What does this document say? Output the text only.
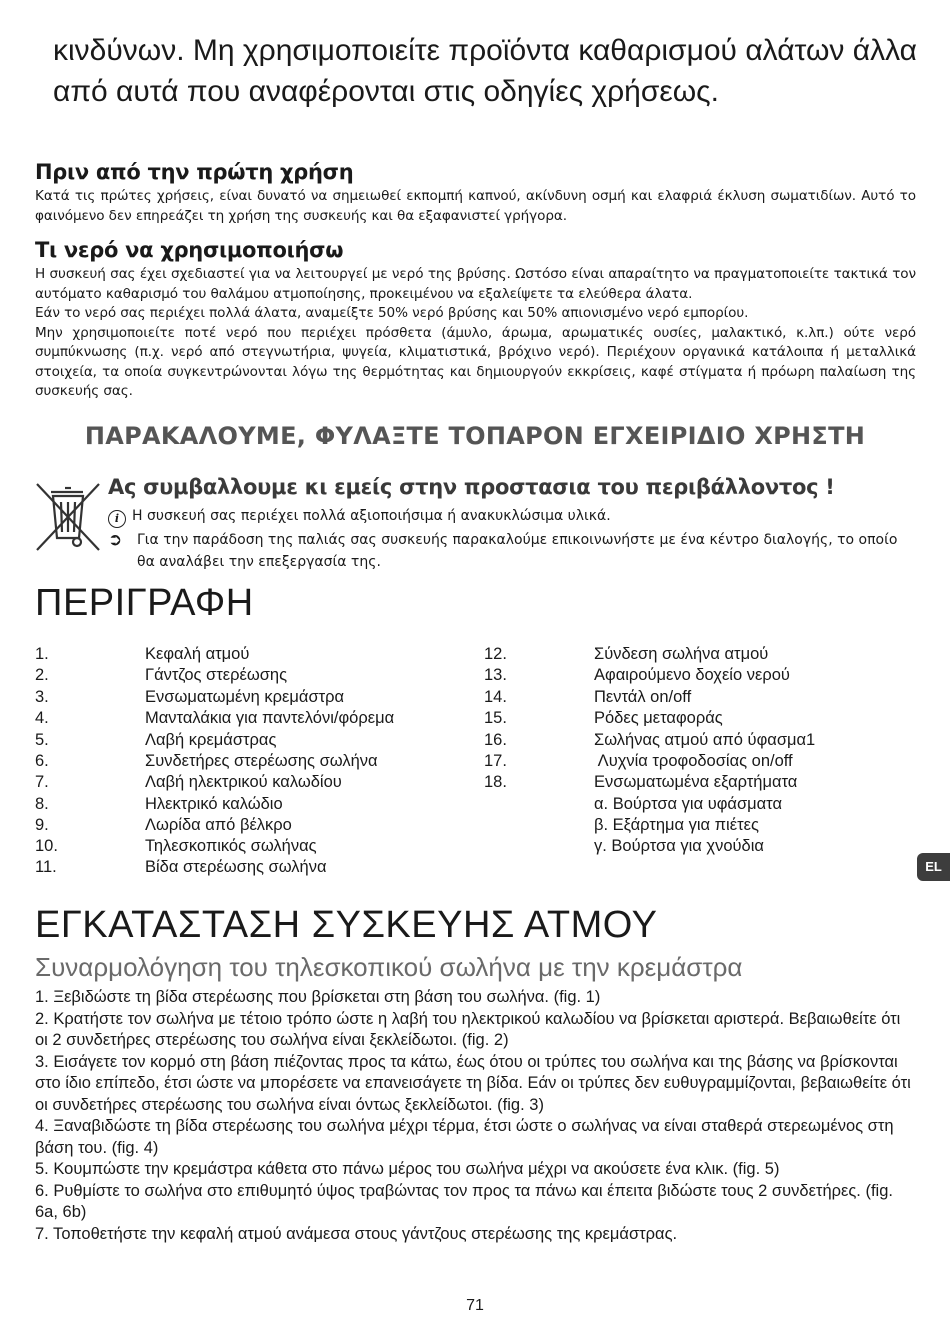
κινδύνων. Μη χρησιμοποιείτε προϊόντα καθαρισμού αλάτων άλλα από αυτά που αναφέρονται στις οδηγίες χρήσεως.

Πριν από την πρώτη χρήση

Κατά τις πρώτες χρήσεις, είναι δυνατό να σημειωθεί εκπομπή καπνού, ακίνδυνη οσμή και ελαφριά έκλυση σωματιδίων. Αυτό το φαινόμενο δεν επηρεάζει τη χρήση της συσκευής και θα εξαφανιστεί γρήγορα.

Τι νερό να χρησιμοποιήσω

Η συσκευή σας έχει σχεδιαστεί για να λειτουργεί με νερό της βρύσης. Ωστόσο είναι απαραίτητο να πραγματοποιείτε τακτικά τον αυτόματο καθαρισμό του θαλάμου ατμοποίησης, προκειμένου να εξαλείψετε τα ελεύθερα άλατα.

Εάν το νερό σας περιέχει πολλά άλατα, αναμείξτε 50% νερό βρύσης και 50% απιονισμένο νερό εμπορίου.

Μην χρησιμοποιείτε ποτέ νερό που περιέχει πρόσθετα (άμυλο, άρωμα, αρωματικές ουσίες, μαλακτικό, κ.λπ.) ούτε νερό συμπύκνωσης (π.χ. νερό από στεγνωτήρια, ψυγεία, κλιματιστικά, βρόχινο νερό). Περιέχουν οργανικά κατάλοιπα ή μεταλλικά στοιχεία, τα οποία συγκεντρώνονται λόγω της θερμότητας και δημιουργούν εκκρίσεις, καφέ στίγματα ή πρόωρη παλαίωση της συσκευής σας.

ΠΑΡΑΚΑΛΟΥΜΕ, ΦΥΛΑΞΤΕ ΤΟΠΑΡΟΝ ΕΓΧΕΙΡΙΔΙΟ ΧΡΗΣΤΗ
Ας συμβαλλουμε κι εμείς στην προστασια του περιβάλλοντος !
i Η συσκευή σας περιέχει πολλά αξιοποιήσιμα ή ανακυκλώσιμα υλικά.
➲ Για την παράδοση της παλιάς σας συσκευής παρακαλούμε επικοινωνήστε με ένα κέντρο διαλογής, το οποίο θα αναλάβει την επεξεργασία της.
ΠΕΡΙΓΡΑΦΗ
1.	Κεφαλή ατμού
2.	Γάντζος στερέωσης
3.	Ενσωματωμένη κρεμάστρα
4.	Μανταλάκια για παντελόνι/φόρεμα
5.	Λαβή κρεμάστρας
6.	Συνδετήρες στερέωσης σωλήνα
7.	Λαβή ηλεκτρικού καλωδίου
8.	Ηλεκτρικό καλώδιο
9.	Λωρίδα από βέλκρο
10.	Τηλεσκοπικός σωλήνας
11.	Βίδα στερέωσης σωλήνα
12.	Σύνδεση σωλήνα ατμού
13.	Αφαιρούμενο δοχείο νερού
14.	Πεντάλ on/off
15.	Ρόδες μεταφοράς
16.	Σωλήνας ατμού από ύφασμα1
17.	Λυχνία τροφοδοσίας on/off
18.	Ενσωματωμένα εξαρτήματα
α. Βούρτσα για υφάσματα
β. Εξάρτημα για πιέτες
γ. Βούρτσα για χνούδια
EL
ΕΓΚΑΤΑΣΤΑΣΗ ΣΥΣΚΕΥΗΣ ΑΤΜΟΥ
Συναρμολόγηση του τηλεσκοπικού σωλήνα με την κρεμάστρα
1. Ξεβιδώστε τη βίδα στερέωσης που βρίσκεται στη βάση του σωλήνα. (fig. 1)
2. Κρατήστε τον σωλήνα με τέτοιο τρόπο ώστε η λαβή του ηλεκτρικού καλωδίου να βρίσκεται αριστερά. Βεβαιωθείτε ότι οι 2 συνδετήρες στερέωσης του σωλήνα είναι ξεκλείδωτοι. (fig. 2)
3. Εισάγετε τον κορμό στη βάση πιέζοντας προς τα κάτω, έως ότου οι τρύπες του σωλήνα και της βάσης να βρίσκονται στο ίδιο επίπεδο, έτσι ώστε να μπορέσετε να επανεισάγετε τη βίδα. Εάν οι τρύπες δεν ευθυγραμμίζονται, βεβαιωθείτε ότι οι συνδετήρες στερέωσης του σωλήνα είναι όντως ξεκλείδωτοι. (fig. 3)
4. Ξαναβιδώστε τη βίδα στερέωσης του σωλήνα μέχρι τέρμα, έτσι ώστε ο σωλήνας να είναι σταθερά στερεωμένος στη βάση του. (fig. 4)
5. Κουμπώστε την κρεμάστρα κάθετα στο πάνω μέρος του σωλήνα μέχρι να ακούσετε ένα κλικ. (fig. 5)
6. Ρυθμίστε το σωλήνα στο επιθυμητό ύψος τραβώντας τον προς τα πάνω και έπειτα βιδώστε τους 2 συνδετήρες. (fig. 6a, 6b)
7. Τοποθετήστε την κεφαλή ατμού ανάμεσα στους γάντζους στερέωσης της κρεμάστρας.
71
